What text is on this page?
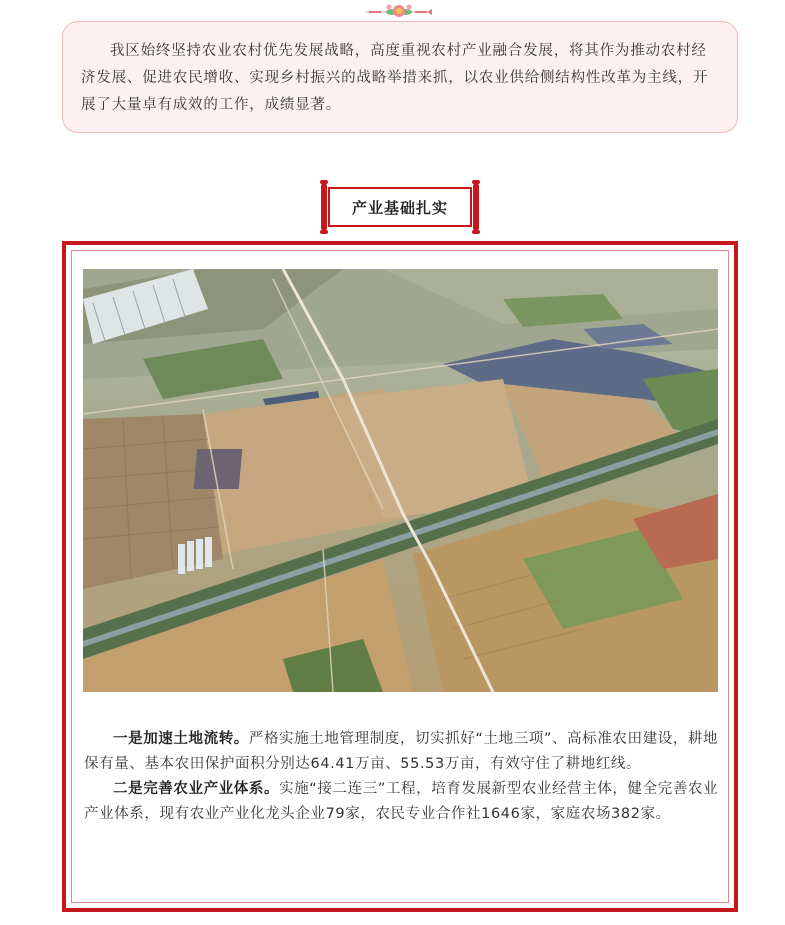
我区始终坚持农业农村优先发展战略，高度重视农村产业融合发展，将其作为推动农村经济发展、促进农民增收、实现乡村振兴的战略举措来抓，以农业供给侧结构性改革为主线，开展了大量卓有成效的工作，成绩显著。

产业基础扎实

一是加速土地流转。严格实施土地管理制度，切实抓好“土地三项”、高标准农田建设，耕地保有量、基本农田保护面积分别达64.41万亩、55.53万亩，有效守住了耕地红线。

二是完善农业产业体系。实施“接二连三”工程，培育发展新型农业经营主体，健全完善农业产业体系，现有农业产业化龙头企业79家，农民专业合作社1646家，家庭农场382家。
